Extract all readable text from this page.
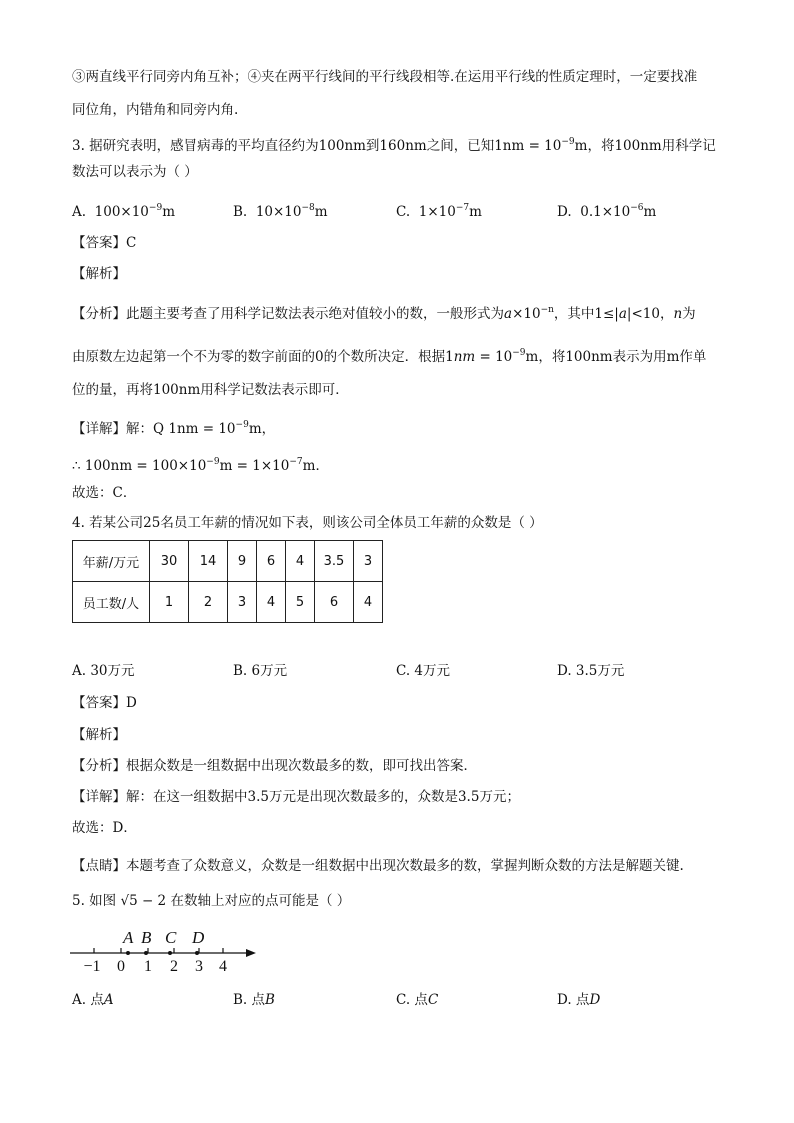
③两直线平行同旁内角互补；④夹在两平行线间的平行线段相等.在运用平行线的性质定理时，一定要找准
同位角，内错角和同旁内角.
3. 据研究表明，感冒病毒的平均直径约为100nm到160nm之间，已知$1nm = 10^{-9}m$，将100nm用科学记
数法可以表示为（ ）
A. $100\times 10^{-9}m$	B. $10\times 10^{-8}m$	C. $1\times 10^{-7}m$	D. $0.1\times 10^{-6}m$
【答案】C
【解析】
【分析】此题主要考查了用科学记数法表示绝对值较小的数，一般形式为$a\times 10^{-n}$，其中1≤|a|<10，n为
由原数左边起第一个不为零的数字前面的0的个数所决定．根据$1nm = 10^{-9}m$，将100nm表示为用m作单
位的量，再将100nm用科学记数法表示即可．
【详解】解：Q $1nm = 10^{-9}m$，
∴ $100nm = 100\times 10^{-9}m = 1\times 10^{-7}m$．
故选：C．
4. 若某公司25名员工年薪的情况如下表，则该公司全体员工年薪的众数是（ ）
年薪/万元	30	14	9	6	4	3.5	3
员工数/人	1	2	3	4	5	6	4
A. 30万元	B. 6万元	C. 4万元	D. 3.5万元
【答案】D
【解析】
【分析】根据众数是一组数据中出现次数最多的数，即可找出答案．
【详解】解：在这一组数据中3.5万元是出现次数最多的，众数是3.5万元；
故选：D．
【点睛】本题考查了众数意义，众数是一组数据中出现次数最多的数，掌握判断众数的方法是解题关键.
5. 如图 √5 − 2 在数轴上对应的点可能是（ ）
A B C D
−1 0 1 2 3 4
A. 点A	B. 点B	C. 点C	D. 点D
